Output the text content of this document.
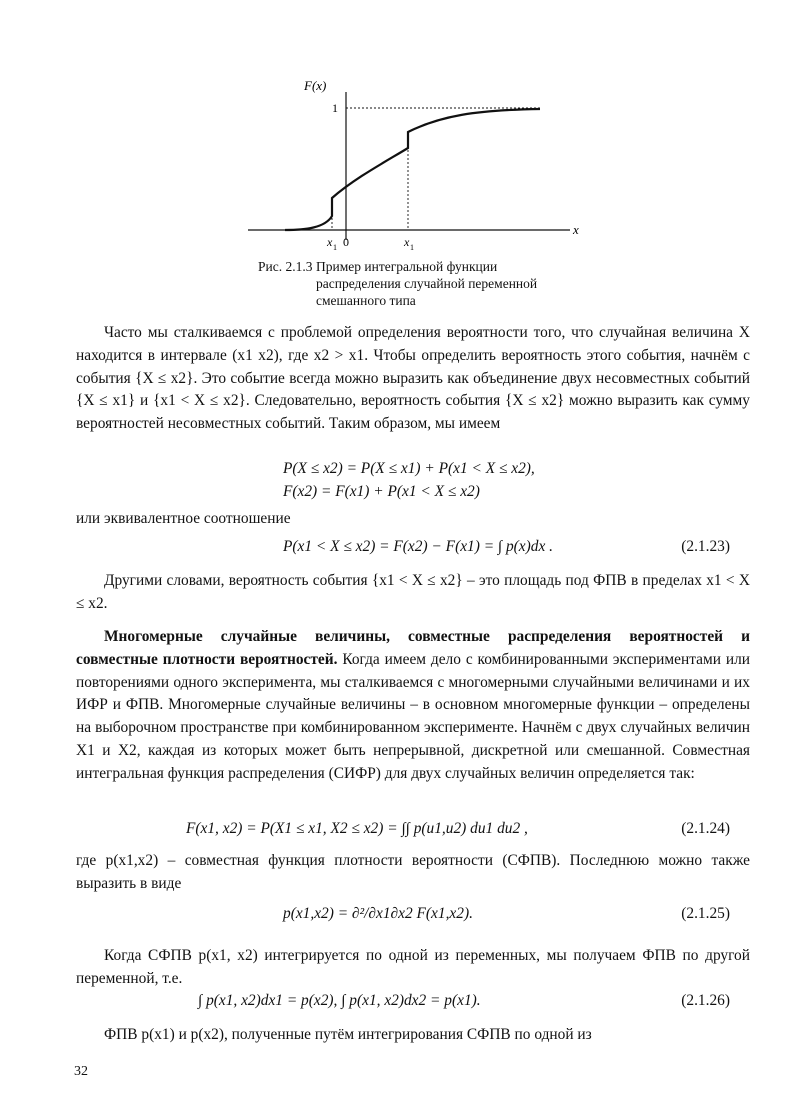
F(x)
x
1
x 1 0	x 1
Рис. 2.1.3 Пример интегральной функции
распределения случайной переменной
смешанного типа
Часто мы сталкиваемся с проблемой определения вероятности того, что случайная величина X находится в интервале (x1 x2), где x2 > x1. Чтобы определить вероятность этого события, начнём с события {X ≤ x2}. Это событие всегда можно выразить как объединение двух несовместных событий {X ≤ x1} и {x1 < X ≤ x2}. Следовательно, вероятность события {X ≤ x2} можно выразить как сумму вероятностей несовместных событий. Таким образом, мы имеем
P(X ≤ x2) = P(X ≤ x1) + P(x1 < X ≤ x2),
F(x2) = F(x1) + P(x1 < X ≤ x2)
или эквивалентное соотношение
P(x1 < X ≤ x2) = F(x2) − F(x1) = ∫ p(x)dx .	(2.1.23)
Другими словами, вероятность события {x1 < X ≤ x2} – это площадь под ФПВ в пределах x1 < X ≤ x2.
Многомерные случайные величины, совместные распределения вероятностей и совместные плотности вероятностей. Когда имеем дело с комбинированными экспериментами или повторениями одного эксперимента, мы сталкиваемся с многомерными случайными величинами и их ИФР и ФПВ. Многомерные случайные величины – в основном многомерные функции – определены на выборочном пространстве при комбинированном эксперименте. Начнём с двух случайных величин X1 и X2, каждая из которых может быть непрерывной, дискретной или смешанной. Совместная интегральная функция распределения (СИФР) для двух случайных величин определяется так:
F(x1, x2) = P(X1 ≤ x1, X2 ≤ x2) = ∫∫ p(u1,u2) du1 du2 ,	(2.1.24)
где p(x1,x2) – совместная функция плотности вероятности (СФПВ). Последнюю можно также выразить в виде
p(x1,x2) = ∂²/∂x1∂x2 F(x1,x2).	(2.1.25)
Когда СФПВ p(x1, x2) интегрируется по одной из переменных, мы получаем ФПВ по другой переменной, т.е.
∫ p(x1, x2)dx1 = p(x2), ∫ p(x1, x2)dx2 = p(x1).	(2.1.26)
ФПВ p(x1) и p(x2), полученные путём интегрирования СФПВ по одной из
32
